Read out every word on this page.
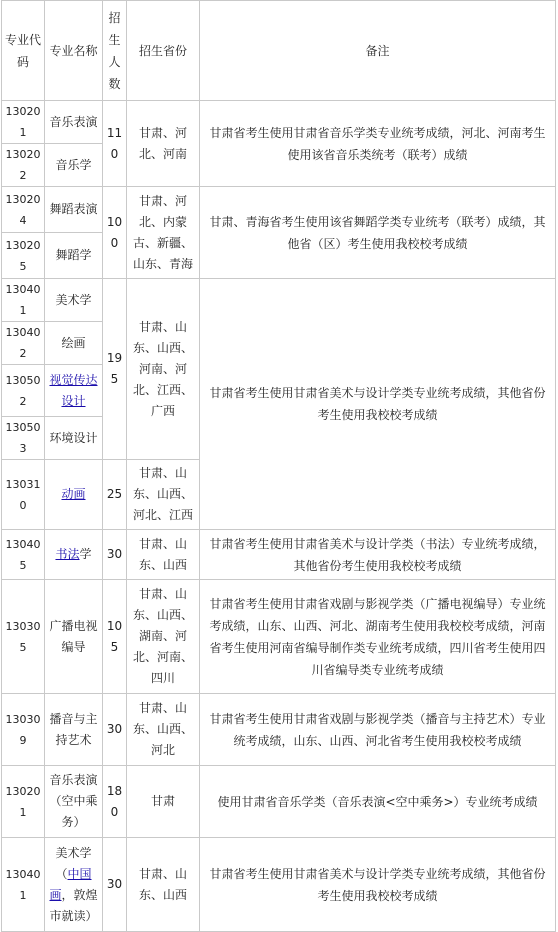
专业代码	专业名称	招生人数	招生省份	备注
130201	音乐表演	110	甘肃、河北、河南	甘肃省考生使用甘肃省音乐学类专业统考成绩，河北、河南考生使用该省音乐类统考（联考）成绩
130202	音乐学			
130204	舞蹈表演	100	甘肃、河北、内蒙古、新疆、山东、青海	甘肃、青海省考生使用该省舞蹈学类专业统考（联考）成绩，其他省（区）考生使用我校校考成绩
130205	舞蹈学			
130401	美术学	195	甘肃、山东、山西、河南、河北、江西、广西	甘肃省考生使用甘肃省美术与设计学类专业统考成绩，其他省份考生使用我校校考成绩
130402	绘画			
130502	视觉传达设计			
130503	环境设计			
130310	动画	25	甘肃、山东、山西、河北、江西	
130405	书法学	30	甘肃、山东、山西	甘肃省考生使用甘肃省美术与设计学类（书法）专业统考成绩，其他省份考生使用我校校考成绩
130305	广播电视编导	105	甘肃、山东、山西、湖南、河北、河南、四川	甘肃省考生使用甘肃省戏剧与影视学类（广播电视编导）专业统考成绩，山东、山西、河北、湖南考生使用我校校考成绩，河南省考生使用河南省编导制作类专业统考成绩，四川省考生使用四川省编导类专业统考成绩
130309	播音与主持艺术	30	甘肃、山东、山西、河北	甘肃省考生使用甘肃省戏剧与影视学类（播音与主持艺术）专业统考成绩，山东、山西、河北省考生使用我校校考成绩
130201	音乐表演（空中乘务）	180	甘肃	使用甘肃省音乐学类（音乐表演<空中乘务>）专业统考成绩
130401	美术学（中国画，敦煌市就读）	30	甘肃、山东、山西	甘肃省考生使用甘肃省美术与设计学类专业统考成绩，其他省份考生使用我校校考成绩
